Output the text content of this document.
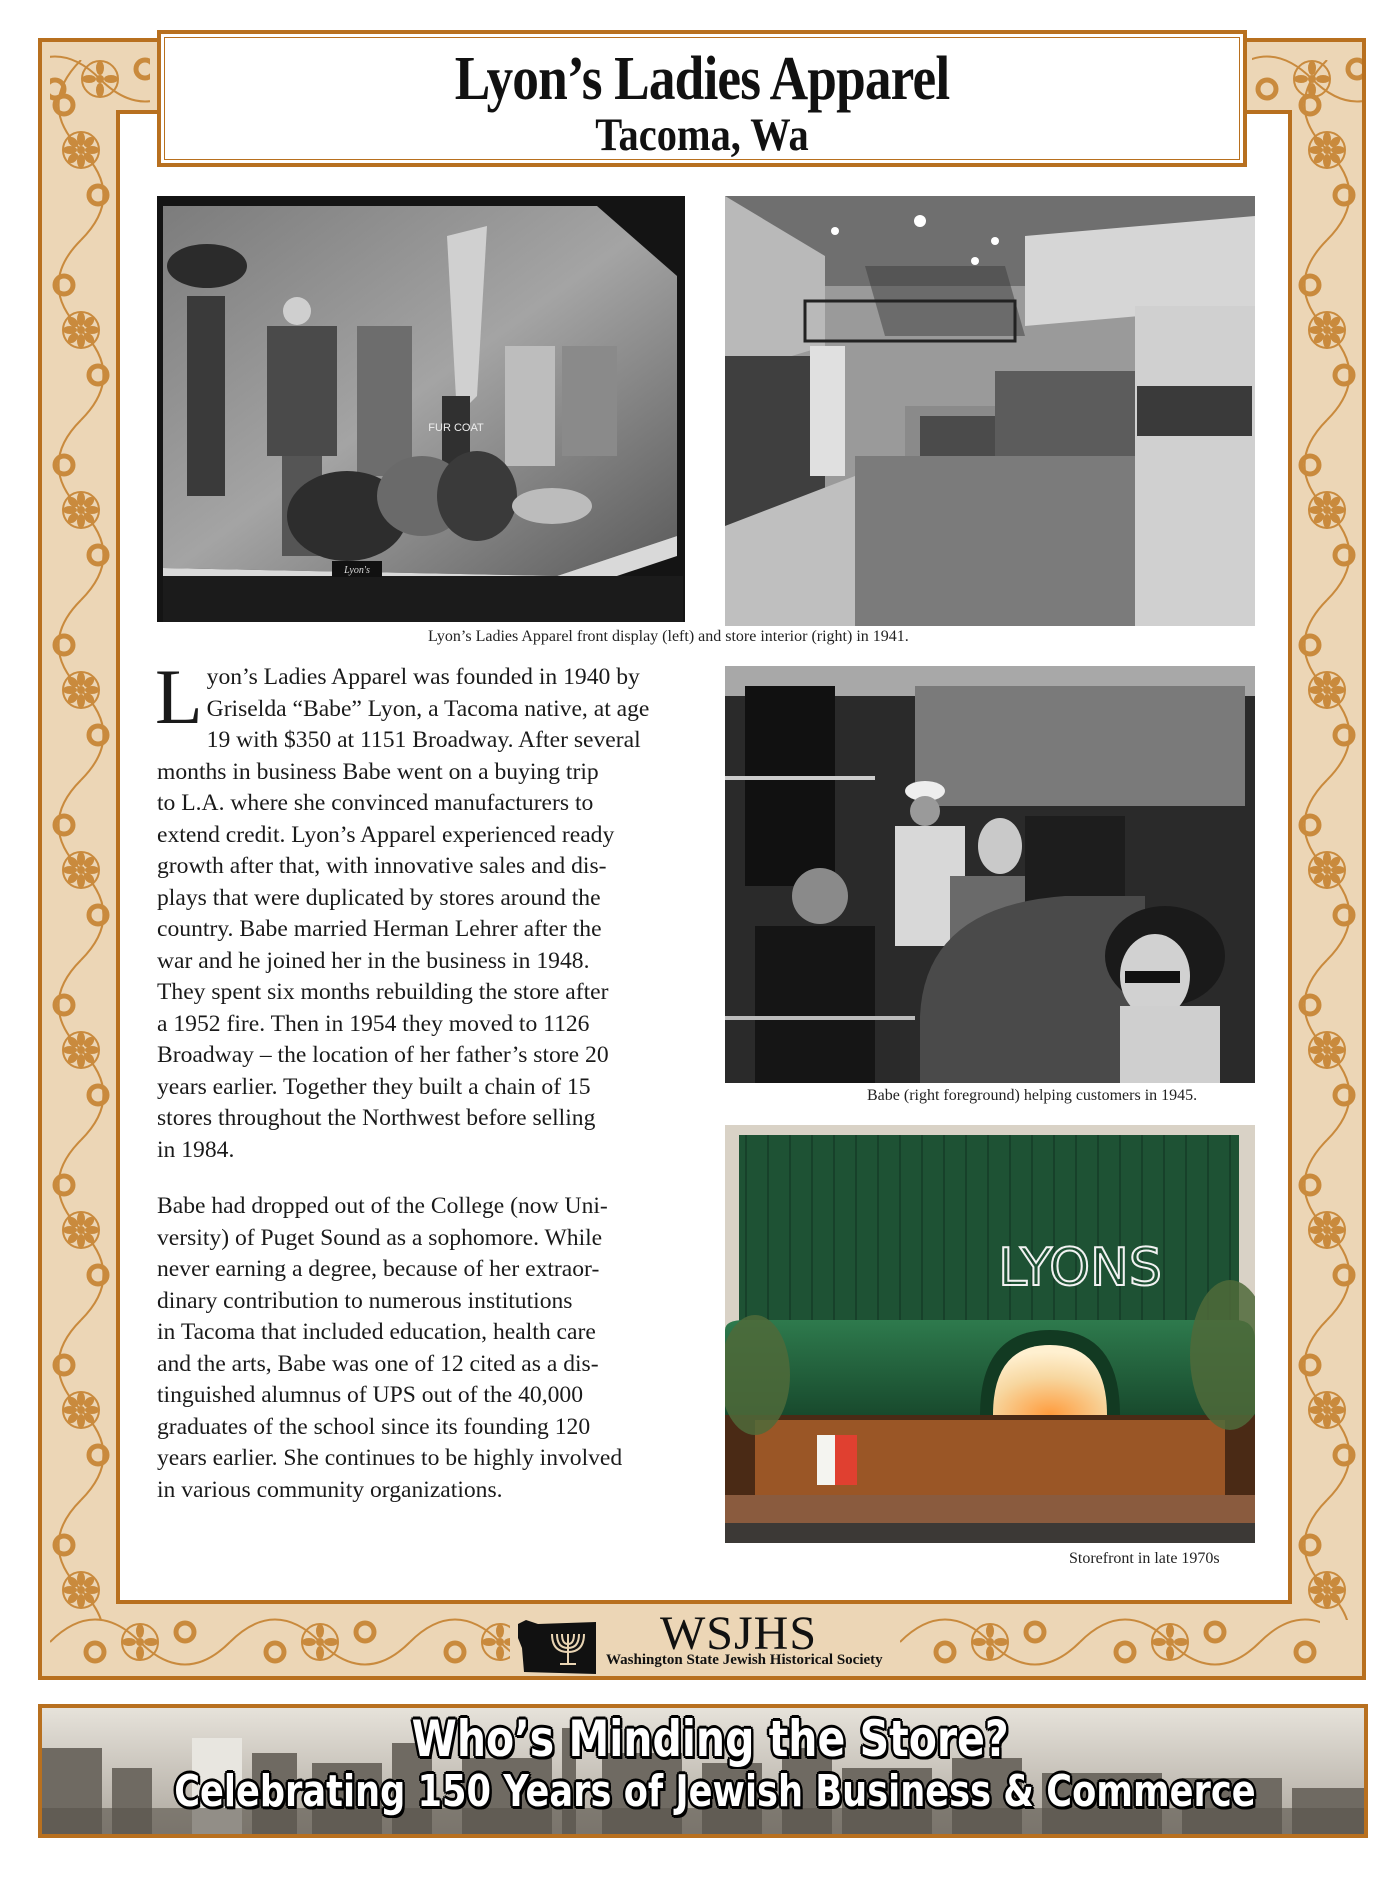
Lyon’s Ladies Apparel
Tacoma, Wa
FUR COAT
Lyon's
Lyon’s Ladies Apparel front display (left) and store interior (right) in 1941.

L yon’s Ladies Apparel was founded in 1940 by
Griselda “Babe” Lyon, a Tacoma native, at age
19 with $350 at 1151 Broadway. After several
months in business Babe went on a buying trip
to L.A. where she convinced manufacturers to
extend credit. Lyon’s Apparel experienced ready
growth after that, with innovative sales and dis-
plays that were duplicated by stores around the
country. Babe married Herman Lehrer after the
war and he joined her in the business in 1948.
They spent six months rebuilding the store after
a 1952 fire. Then in 1954 they moved to 1126
Broadway – the location of her father’s store 20
years earlier. Together they built a chain of 15
stores throughout the Northwest before selling
in 1984.

Babe had dropped out of the College (now Uni-
versity) of Puget Sound as a sophomore. While
never earning a degree, because of her extraor-
dinary contribution to numerous institutions
in Tacoma that included education, health care
and the arts, Babe was one of 12 cited as a dis-
tinguished alumnus of UPS out of the 40,000
graduates of the school since its founding 120
years earlier. She continues to be highly involved
in various community organizations.

Babe (right foreground) helping customers in 1945.
LYONS
Storefront in late 1970s
WSJHS
Washington State Jewish Historical Society
Who’s Minding the Store?
Celebrating 150 Years of Jewish Business & Commerce
